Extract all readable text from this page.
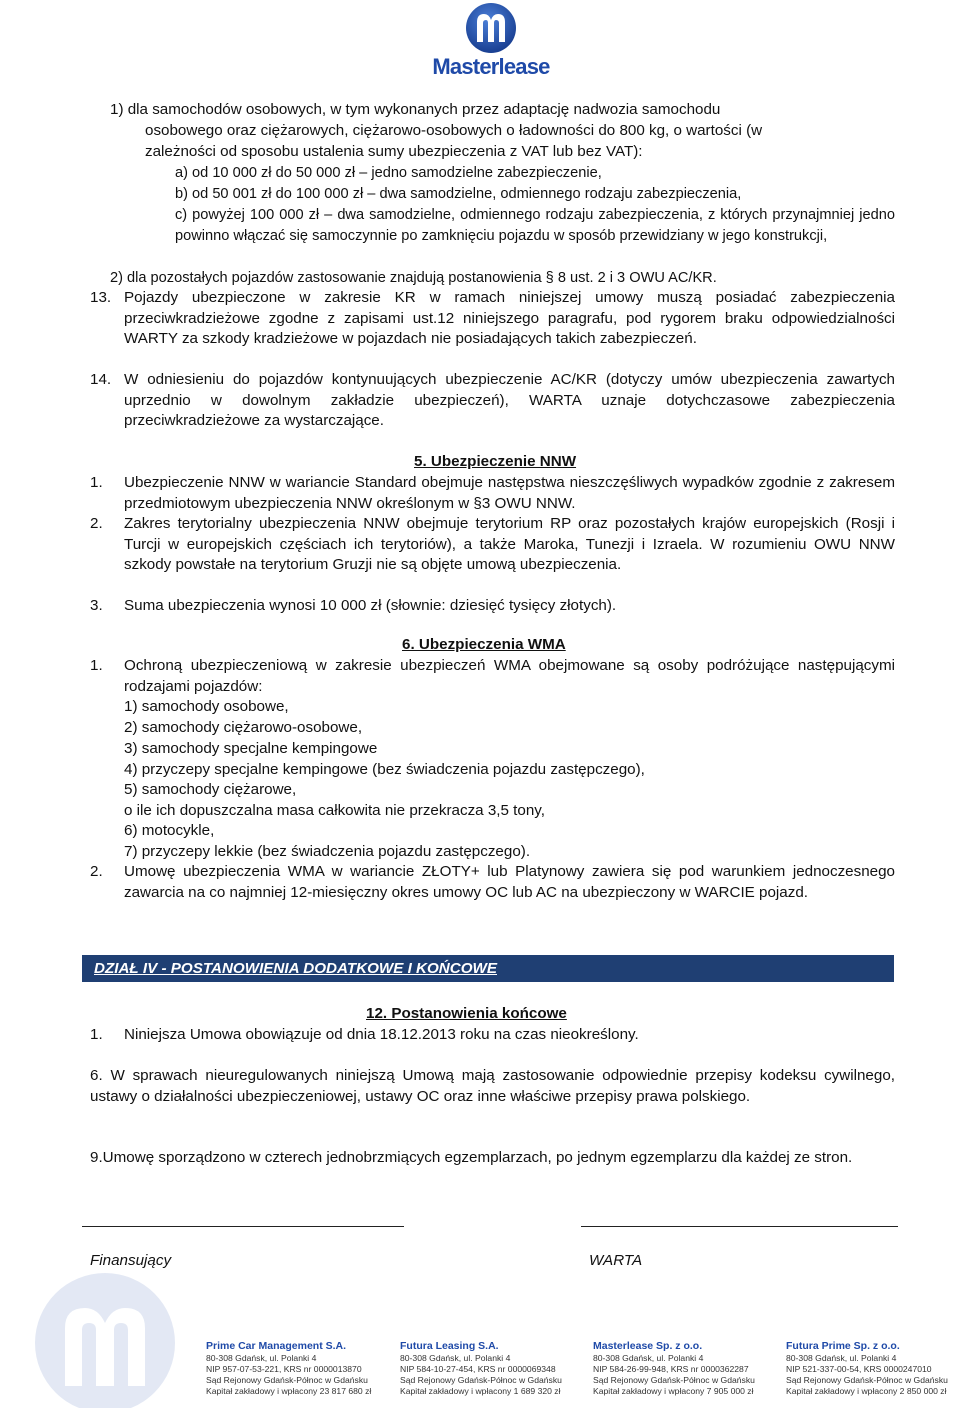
Masterlease
1) dla samochodów osobowych, w tym wykonanych przez adaptację nadwozia samochodu
osobowego oraz ciężarowych, ciężarowo-osobowych o ładowności do 800 kg, o wartości (w
zależności od sposobu ustalenia sumy ubezpieczenia z VAT lub bez VAT):
a) od 10 000 zł do 50 000 zł – jedno samodzielne zabezpieczenie,
b) od 50 001 zł do 100 000 zł – dwa samodzielne, odmiennego rodzaju zabezpieczenia,
c) powyżej 100 000 zł – dwa samodzielne, odmiennego rodzaju zabezpieczenia, z których przynajmniej jedno powinno włączać się samoczynnie po zamknięciu pojazdu w sposób przewidziany w jego konstrukcji,
2) dla pozostałych pojazdów zastosowanie znajdują postanowienia § 8 ust. 2 i 3 OWU AC/KR.
13. Pojazdy ubezpieczone w zakresie KR w ramach niniejszej umowy muszą posiadać zabezpieczenia przeciwkradzieżowe zgodne z zapisami ust.12 niniejszego paragrafu, pod rygorem braku odpowiedzialności WARTY za szkody kradzieżowe w pojazdach nie posiadających takich zabezpieczeń.
14. W odniesieniu do pojazdów kontynuujących ubezpieczenie AC/KR (dotyczy umów ubezpieczenia zawartych uprzednio w dowolnym zakładzie ubezpieczeń), WARTA uznaje dotychczasowe zabezpieczenia przeciwkradzieżowe za wystarczające.
5. Ubezpieczenie NNW
1. Ubezpieczenie NNW w wariancie Standard obejmuje następstwa nieszczęśliwych wypadków zgodnie z zakresem przedmiotowym ubezpieczenia NNW określonym w §3 OWU NNW.
2. Zakres terytorialny ubezpieczenia NNW obejmuje terytorium RP oraz pozostałych krajów europejskich (Rosji i Turcji w europejskich częściach ich terytoriów), a także Maroka, Tunezji i Izraela. W rozumieniu OWU NNW szkody powstałe na terytorium Gruzji nie są objęte umową ubezpieczenia.
3. Suma ubezpieczenia wynosi 10 000 zł (słownie: dziesięć tysięcy złotych).
6. Ubezpieczenia WMA
1. Ochroną ubezpieczeniową w zakresie ubezpieczeń WMA obejmowane są osoby podróżujące następującymi rodzajami pojazdów:
1) samochody osobowe,
2) samochody ciężarowo-osobowe,
3) samochody specjalne kempingowe
4) przyczepy specjalne kempingowe (bez świadczenia pojazdu zastępczego),
5) samochody ciężarowe,
o ile ich dopuszczalna masa całkowita nie przekracza 3,5 tony,
6) motocykle,
7) przyczepy lekkie (bez świadczenia pojazdu zastępczego).
2. Umowę ubezpieczenia WMA w wariancie ZŁOTY+ lub Platynowy zawiera się pod warunkiem jednoczesnego zawarcia na co najmniej 12-miesięczny okres umowy OC lub AC na ubezpieczony w WARCIE pojazd.
DZIAŁ IV - POSTANOWIENIA DODATKOWE I KOŃCOWE
12. Postanowienia końcowe
1. Niniejsza Umowa obowiązuje od dnia 18.12.2013 roku na czas nieokreślony.
6. W sprawach nieuregulowanych niniejszą Umową mają zastosowanie odpowiednie przepisy kodeksu cywilnego, ustawy o działalności ubezpieczeniowej, ustawy OC oraz inne właściwe przepisy prawa polskiego.
9.Umowę sporządzono w czterech jednobrzmiących egzemplarzach, po jednym egzemplarzu dla każdej ze stron.
Finansujący	WARTA
Prime Car Management S.A.
80-308 Gdańsk, ul. Polanki 4
NIP 957-07-53-221, KRS nr 0000013870
Sąd Rejonowy Gdańsk-Północ w Gdańsku
Kapitał zakładowy i wpłacony 23 817 680 zł
Futura Leasing S.A.
80-308 Gdańsk, ul. Polanki 4
NIP 584-10-27-454, KRS nr 0000069348
Sąd Rejonowy Gdańsk-Północ w Gdańsku
Kapitał zakładowy i wpłacony 1 689 320 zł
Masterlease Sp. z o.o.
80-308 Gdańsk, ul. Polanki 4
NIP 584-26-99-948, KRS nr 0000362287
Sąd Rejonowy Gdańsk-Północ w Gdańsku
Kapitał zakładowy i wpłacony 7 905 000 zł
Futura Prime Sp. z o.o.
80-308 Gdańsk, ul. Polanki 4
NIP 521-337-00-54, KRS 0000247010
Sąd Rejonowy Gdańsk-Północ w Gdańsku
Kapitał zakładowy i wpłacony 2 850 000 zł
